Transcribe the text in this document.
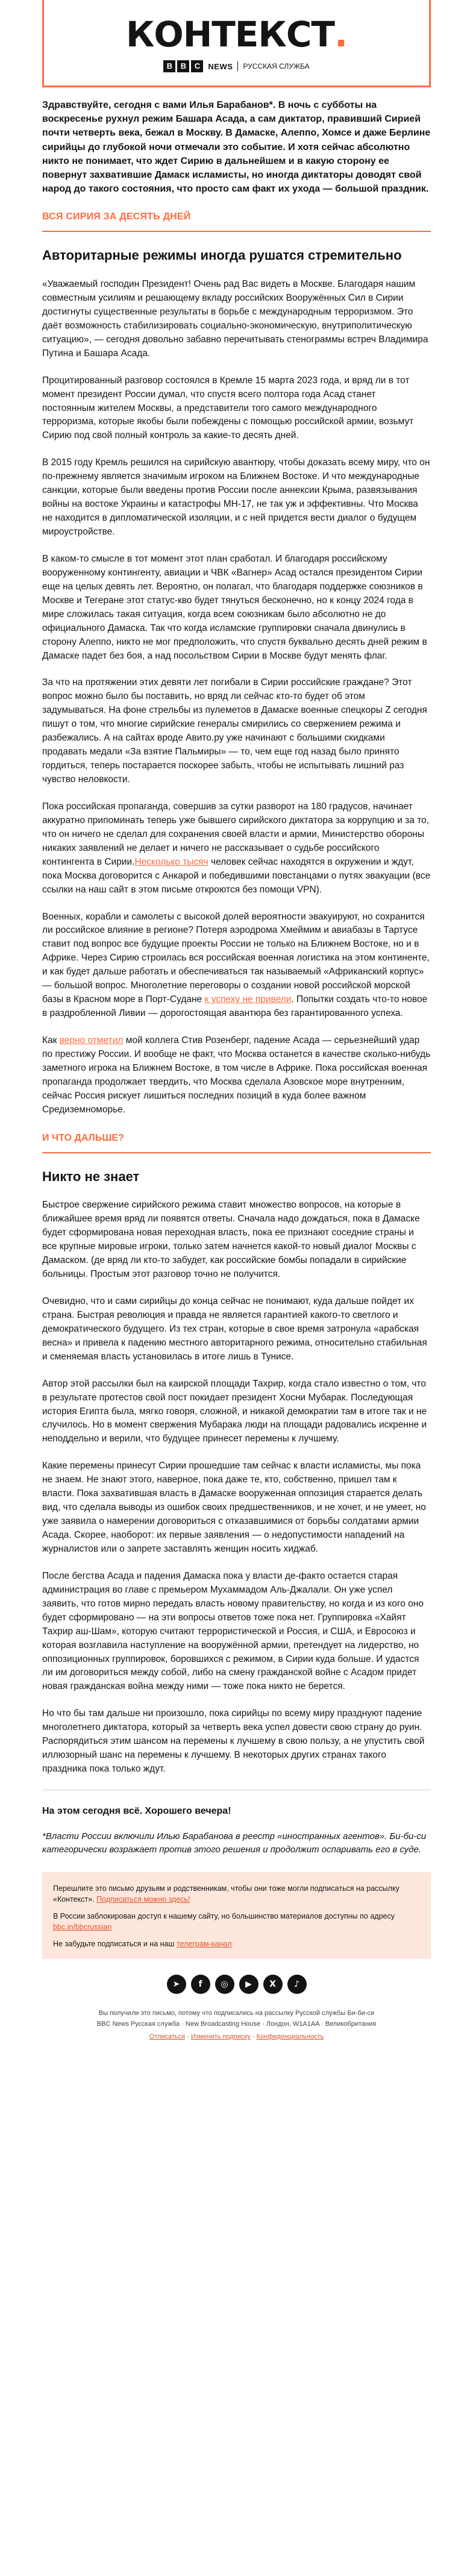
КОНТЕКСТ.
B	B	C	NEWS РУССКАЯ СЛУЖБА

Здравствуйте, сегодня с вами Илья Барабанов*. В ночь с субботы на воскресенье рухнул режим Башара Асада, а сам диктатор, правивший Сирией почти четверть века, бежал в Москву. В Дамаске, Алеппо, Хомсе и даже Берлине сирийцы до глубокой ночи отмечали это событие. И хотя сейчас абсолютно никто не понимает, что ждет Сирию в дальнейшем и в какую сторону ее повернут захватившие Дамаск исламисты, но иногда диктаторы доводят свой народ до такого состояния, что просто сам факт их ухода — большой праздник.

ВСЯ СИРИЯ ЗА ДЕСЯТЬ ДНЕЙ
Авторитарные режимы иногда рушатся стремительно

«Уважаемый господин Президент! Очень рад Вас видеть в Москве. Благодаря нашим совместным усилиям и решающему вкладу российских Вооружённых Сил в Сирии достигнуты существенные результаты в борьбе с международным терроризмом. Это даёт возможность стабилизировать социально-экономическую, внутриполитическую ситуацию», — сегодня довольно забавно перечитывать стенограммы встреч Владимира Путина и Башара Асада.

Процитированный разговор состоялся в Кремле 15 марта 2023 года, и вряд ли в тот момент президент России думал, что спустя всего полтора года Асад станет постоянным жителем Москвы, а представители того самого международного терроризма, которые якобы были побеждены с помощью российской армии, возьмут Сирию под свой полный контроль за какие-то десять дней.

В 2015 году Кремль решился на сирийскую авантюру, чтобы доказать всему миру, что он по-прежнему является значимым игроком на Ближнем Востоке. И что международные санкции, которые были введены против России после аннексии Крыма, развязывания войны на востоке Украины и катастрофы МН-17, не так уж и эффективны. Что Москва не находится в дипломатической изоляции, и с ней придется вести диалог о будущем мироустройстве.

В каком-то смысле в тот момент этот план сработал. И благодаря российскому вооруженному контингенту, авиации и ЧВК «Вагнер» Асад остался президентом Сирии еще на целых девять лет. Вероятно, он полагал, что благодаря поддержке союзников в Москве и Тегеране этот статус-кво будет тянуться бесконечно, но к концу 2024 года в мире сложилась такая ситуация, когда всем союзникам было абсолютно не до официального Дамаска. Так что когда исламские группировки сначала двинулись в сторону Алеппо, никто не мог предположить, что спустя буквально десять дней режим в Дамаске падет без боя, а над посольством Сирии в Москве будут менять флаг.

За что на протяжении этих девяти лет погибали в Сирии российские граждане? Этот вопрос можно было бы поставить, но вряд ли сейчас кто-то будет об этом задумываться. На фоне стрельбы из пулеметов в Дамаске военные спецкоры Z сегодня пишут о том, что многие сирийские генералы смирились со свержением режима и разбежались. А на сайтах вроде Авито.ру уже начинают с большими скидками продавать медали «За взятие Пальмиры» — то, чем еще год назад было принято гордиться, теперь постарается поскорее забыть, чтобы не испытывать лишний раз чувство неловкости.

Пока российская пропаганда, совершив за сутки разворот на 180 градусов, начинает аккуратно припоминать теперь уже бывшего сирийского диктатора за коррупцию и за то, что он ничего не сделал для сохранения своей власти и армии, Министерство обороны никаких заявлений не делает и ничего не рассказывает о судьбе российского контингента в Сирии.Несколько тысяч человек сейчас находятся в окружении и ждут, пока Москва договорится с Анкарой и победившими повстанцами о путях эвакуации (все ссылки на наш сайт в этом письме откроются без помощи VPN).

Военных, корабли и самолеты с высокой долей вероятности эвакуируют, но сохранится ли российское влияние в регионе? Потеря аэродрома Хмеймим и авиабазы в Тартусе ставит под вопрос все будущие проекты России не только на Ближнем Востоке, но и в Африке. Через Сирию строилась вся российская военная логистика на этом континенте, и как будет дальше работать и обеспечиваться так называемый «Африканский корпус» — большой вопрос. Многолетние переговоры о создании новой российской морской базы в Красном море в Порт-Судане к успеху не привели. Попытки создать что-то новое в раздробленной Ливии — дорогостоящая авантюра без гарантированного успеха.

Как верно отметил мой коллега Стив Розенберг, падение Асада — серьезнейший удар по престижу России. И вообще не факт, что Москва останется в качестве сколько-нибудь заметного игрока на Ближнем Востоке, в том числе в Африке. Пока российская военная пропаганда продолжает твердить, что Москва сделала Азовское море внутренним, сейчас Россия рискует лишиться последних позиций в куда более важном Средиземноморье.

И ЧТО ДАЛЬШЕ?
Никто не знает

Быстрое свержение сирийского режима ставит множество вопросов, на которые в ближайшее время вряд ли появятся ответы. Сначала надо дождаться, пока в Дамаске будет сформирована новая переходная власть, пока ее признают соседние страны и все крупные мировые игроки, только затем начнется какой-то новый диалог Москвы с Дамаском. (де вряд ли кто-то забудет, как российские бомбы попадали в сирийские больницы. Простым этот разговор точно не получится.

Очевидно, что и сами сирийцы до конца сейчас не понимают, куда дальше пойдет их страна. Быстрая революция и правда не является гарантией какого-то светлого и демократического будущего. Из тех стран, которые в свое время затронула «арабская весна» и привела к падению местного авторитарного режима, относительно стабильная и сменяемая власть установилась в итоге лишь в Тунисе.

Автор этой рассылки был на каирской площади Тахрир, когда стало известно о том, что в результате протестов свой пост покидает президент Хосни Мубарак. Последующая история Египта была, мягко говоря, сложной, и никакой демократии там в итоге так и не случилось. Но в момент свержения Мубарака люди на площади радовались искренне и неподдельно и верили, что будущее принесет перемены к лучшему.

Какие перемены принесут Сирии прошедшие там сейчас к власти исламисты, мы пока не знаем. Не знают этого, наверное, пока даже те, кто, собственно, пришел там к власти. Пока захватившая власть в Дамаске вооруженная оппозиция старается делать вид, что сделала выводы из ошибок своих предшественников, и не хочет, и не умеет, но уже заявила о намерении договориться с отказавшимися от борьбы солдатами армии Асада. Скорее, наоборот: их первые заявления — о недопустимости нападений на журналистов или о запрете заставлять женщин носить хиджаб.

После бегства Асада и падения Дамаска пока у власти де-факто остается старая администрация во главе с премьером Мухаммадом Аль-Джалали. Он уже успел заявить, что готов мирно передать власть новому правительству, но когда и из кого оно будет сформировано — на эти вопросы ответов тоже пока нет. Группировка «Хайят Тахрир аш-Шам», которую считают террористической и Россия, и США, и Евросоюз и которая возглавила наступление на вооружённой армии, претендует на лидерство, но оппозиционных группировок, боровшихся с режимом, в Сирии куда больше. И удастся ли им договориться между собой, либо на смену гражданской войне с Асадом придет новая гражданская война между ними — тоже пока никто не берется.

Но что бы там дальше ни произошло, пока сирийцы по всему миру празднуют падение многолетнего диктатора, который за четверть века успел довести свою страну до руин. Распорядиться этим шансом на перемены к лучшему в свою пользу, а не упустить свой иллюзорный шанс на перемены к лучшему. В некоторых других странах такого праздника пока только ждут.

На этом сегодня всё. Хорошего вечера!

*Власти России включили Илью Барабанова в реестр «иностранных агентов». Би-би-си категорически возражает против этого решения и продолжит оспаривать его в суде.

Перешлите это письмо друзьям и родственникам, чтобы они тоже могли подписаться на рассылку «Контекст». Подписаться можно здесь!

В России заблокирован доступ к нашему сайту, но большинство материалов доступны по адресу bbc.in/bbcrussian

Не забудьте подписаться и на наш телеграм-канал

➤	f	◎	▶	X	♪

Вы получили это письмо, потому что подписались на рассылку Русской службы Би-би-си

BBC News Русская служба · New Broadcasting House · Лондон, W1A1AA · Великобритания

Отписаться · Изменить подписку · Конфиденциальность
